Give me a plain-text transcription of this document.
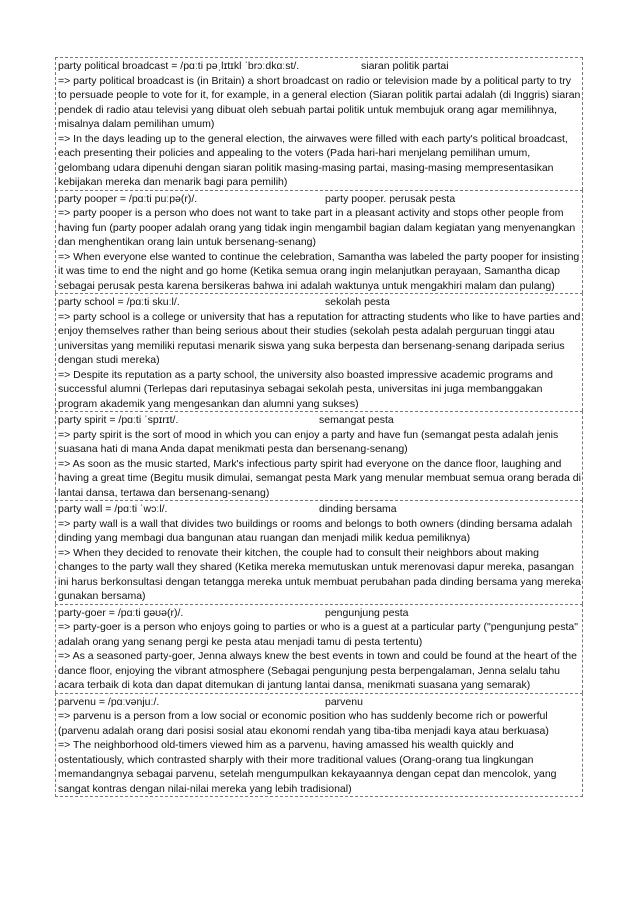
party political broadcast = /pɑːti pəˌlɪtɪkl ˈbrɔːdkɑːst/.	siaran politik partai

=> party political broadcast is (in Britain) a short broadcast on radio or television made by a political party to try to persuade people to vote for it, for example, in a general election (Siaran politik partai adalah (di Inggris) siaran pendek di radio atau televisi yang dibuat oleh sebuah partai politik untuk membujuk orang agar memilihnya, misalnya dalam pemilihan umum)

=> In the days leading up to the general election, the airwaves were filled with each party's political broadcast, each presenting their policies and appealing to the voters (Pada hari-hari menjelang pemilihan umum, gelombang udara dipenuhi dengan siaran politik masing-masing partai, masing-masing mempresentasikan kebijakan mereka dan menarik bagi para pemilih)

party pooper = /pɑːti puːpə(r)/.	party pooper. perusak pesta

=> party pooper is a person who does not want to take part in a pleasant activity and stops other people from having fun (party pooper adalah orang yang tidak ingin mengambil bagian dalam kegiatan yang menyenangkan dan menghentikan orang lain untuk bersenang-senang)

=> When everyone else wanted to continue the celebration, Samantha was labeled the party pooper for insisting it was time to end the night and go home (Ketika semua orang ingin melanjutkan perayaan, Samantha dicap sebagai perusak pesta karena bersikeras bahwa ini adalah waktunya untuk mengakhiri malam dan pulang)

party school = /pɑːti skuːl/.	sekolah pesta

=> party school is a college or university that has a reputation for attracting students who like to have parties and enjoy themselves rather than being serious about their studies (sekolah pesta adalah perguruan tinggi atau universitas yang memiliki reputasi menarik siswa yang suka berpesta dan bersenang-senang daripada serius dengan studi mereka)

=> Despite its reputation as a party school, the university also boasted impressive academic programs and successful alumni (Terlepas dari reputasinya sebagai sekolah pesta, universitas ini juga membanggakan program akademik yang mengesankan dan alumni yang sukses)

party spirit = /pɑːti ˈspɪrɪt/.	semangat pesta

=> party spirit is the sort of mood in which you can enjoy a party and have fun (semangat pesta adalah jenis suasana hati di mana Anda dapat menikmati pesta dan bersenang-senang)

=> As soon as the music started, Mark's infectious party spirit had everyone on the dance floor, laughing and having a great time (Begitu musik dimulai, semangat pesta Mark yang menular membuat semua orang berada di lantai dansa, tertawa dan bersenang-senang)

party wall = /pɑːti ˈwɔːl/.	dinding bersama

=> party wall is a wall that divides two buildings or rooms and belongs to both owners (dinding bersama adalah dinding yang membagi dua bangunan atau ruangan dan menjadi milik kedua pemiliknya)

=> When they decided to renovate their kitchen, the couple had to consult their neighbors about making changes to the party wall they shared (Ketika mereka memutuskan untuk merenovasi dapur mereka, pasangan ini harus berkonsultasi dengan tetangga mereka untuk membuat perubahan pada dinding bersama yang mereka gunakan bersama)

party-goer = /pɑːti ɡəʊə(r)/.	pengunjung pesta

=> party-goer is a person who enjoys going to parties or who is a guest at a particular party ("pengunjung pesta" adalah orang yang senang pergi ke pesta atau menjadi tamu di pesta tertentu)

=> As a seasoned party-goer, Jenna always knew the best events in town and could be found at the heart of the dance floor, enjoying the vibrant atmosphere (Sebagai pengunjung pesta berpengalaman, Jenna selalu tahu acara terbaik di kota dan dapat ditemukan di jantung lantai dansa, menikmati suasana yang semarak)

parvenu = /pɑːvənjuː/.	parvenu

=> parvenu is a person from a low social or economic position who has suddenly become rich or powerful (parvenu adalah orang dari posisi sosial atau ekonomi rendah yang tiba-tiba menjadi kaya atau berkuasa)

=> The neighborhood old-timers viewed him as a parvenu, having amassed his wealth quickly and ostentatiously, which contrasted sharply with their more traditional values (Orang-orang tua lingkungan memandangnya sebagai parvenu, setelah mengumpulkan kekayaannya dengan cepat dan mencolok, yang sangat kontras dengan nilai-nilai mereka yang lebih tradisional)
